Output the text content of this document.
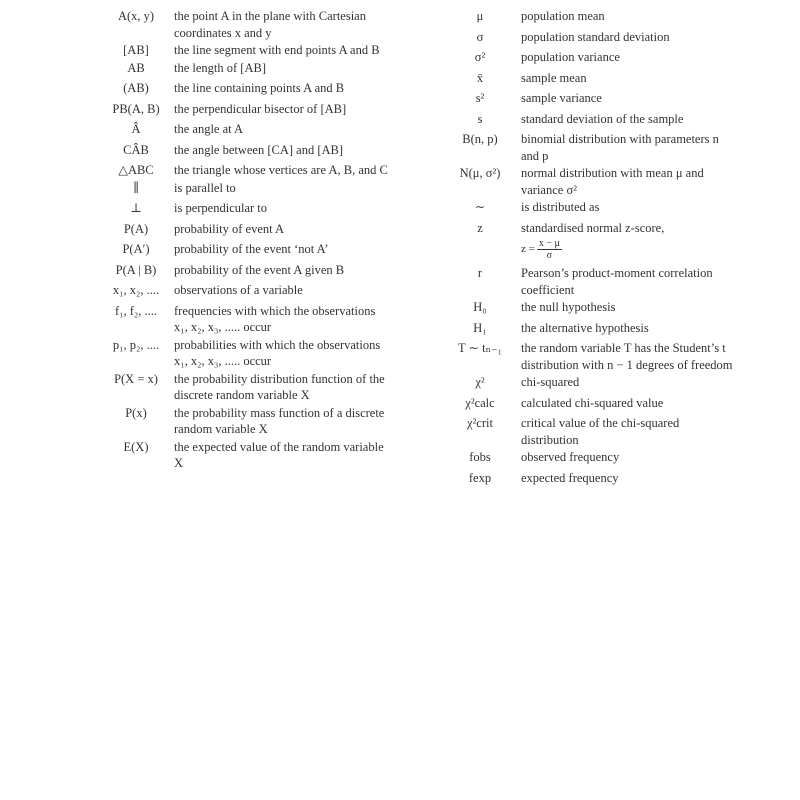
A(x, y)	the point A in the plane with Cartesian coordinates x and y
[AB]	the line segment with end points A and B
AB	the length of [AB]
(AB)	the line containing points A and B
PB(A, B)	the perpendicular bisector of [AB]
Â	the angle at A
CÂB	the angle between [CA] and [AB]
△ABC	the triangle whose vertices are A, B, and C
∥	is parallel to
⊥	is perpendicular to
P(A)	probability of event A
P(A′)	probability of the event ‘not A’
P(A | B)	probability of the event A given B
x₁, x₂, ....	observations of a variable
f₁, f₂, ....	frequencies with which the observations x₁, x₂, x₃, ..... occur
p₁, p₂, ....	probabilities with which the observations x₁, x₂, x₃, ..... occur
P(X = x)	the probability distribution function of the discrete random variable X
P(x)	the probability mass function of a discrete random variable X
E(X)	the expected value of the random variable X
μ	population mean
σ	population standard deviation
σ²	population variance
x̄	sample mean
s²	sample variance
s	standard deviation of the sample
B(n, p)	binomial distribution with parameters n and p
N(μ, σ²)	normal distribution with mean μ and variance σ²
∼	is distributed as
z	standardised normal z-score,
$z = \frac{x - \mu}{\sigma}$
r	Pearson’s product-moment correlation coefficient
H₀	the null hypothesis
H₁	the alternative hypothesis
T ∼ tₙ₋₁	the random variable T has the Student’s t distribution with n − 1 degrees of freedom
χ²	chi-squared
χ²calc	calculated chi-squared value
χ²crit	critical value of the chi-squared distribution
fobs	observed frequency
fexp	expected frequency
